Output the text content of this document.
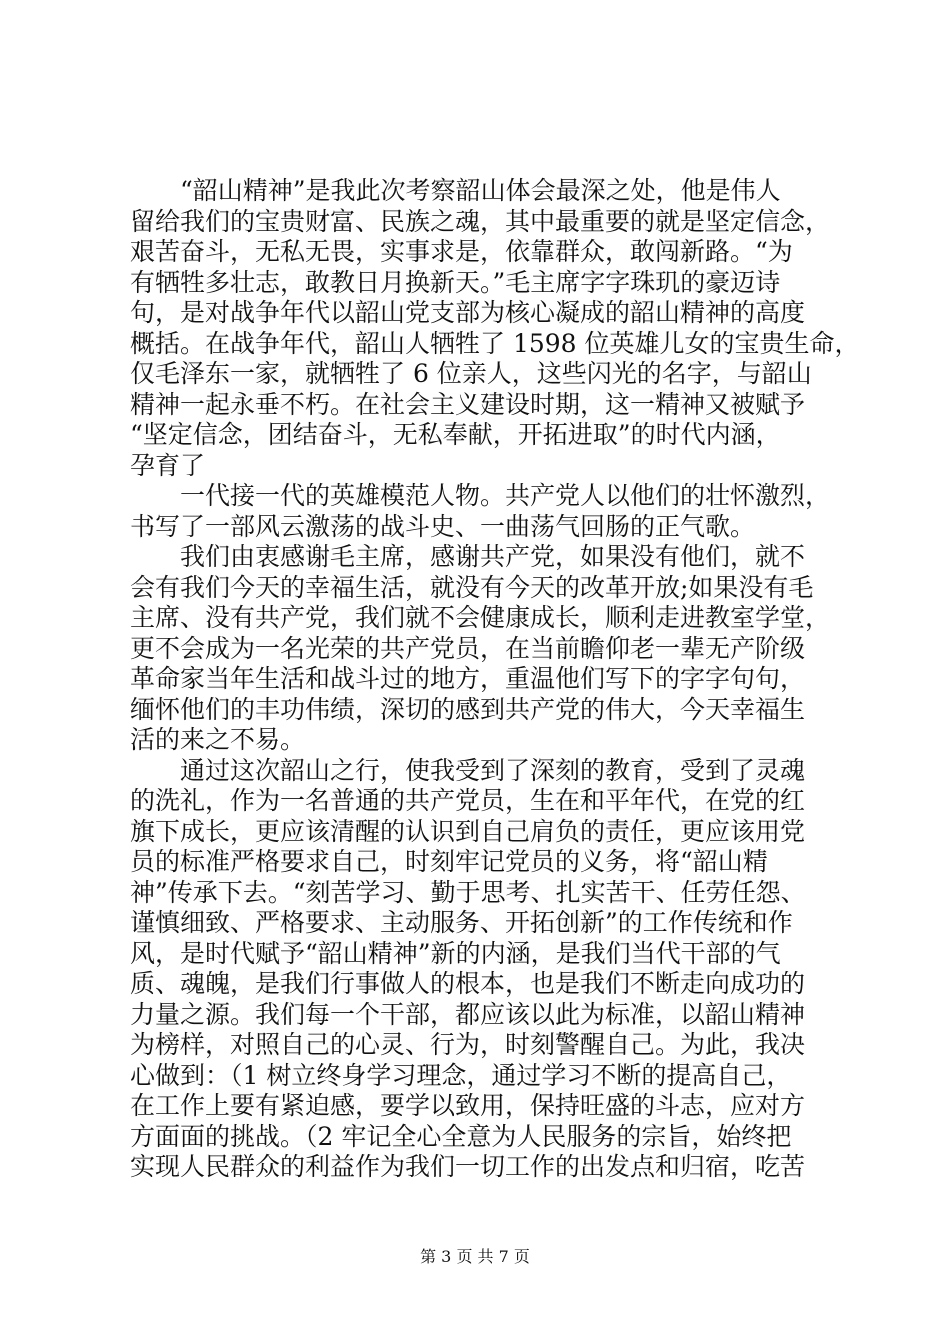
　　“韶山精神”是我此次考察韶山体会最深之处，他是伟人
留给我们的宝贵财富、民族之魂，其中最重要的就是坚定信念，
艰苦奋斗，无私无畏，实事求是，依靠群众，敢闯新路。“为
有牺牲多壮志，敢教日月换新天。”毛主席字字珠玑的豪迈诗
句，是对战争年代以韶山党支部为核心凝成的韶山精神的高度
概括。在战争年代，韶山人牺牲了 1598 位英雄儿女的宝贵生命，
仅毛泽东一家，就牺牲了 6 位亲人，这些闪光的名字，与韶山
精神一起永垂不朽。在社会主义建设时期，这一精神又被赋予
“坚定信念，团结奋斗，无私奉献，开拓进取”的时代内涵，
孕育了
　　一代接一代的英雄模范人物。共产党人以他们的壮怀激烈，
书写了一部风云激荡的战斗史、一曲荡气回肠的正气歌。
　　我们由衷感谢毛主席，感谢共产党，如果没有他们，就不
会有我们今天的幸福生活，就没有今天的改革开放;如果没有毛
主席、没有共产党，我们就不会健康成长，顺利走进教室学堂，
更不会成为一名光荣的共产党员，在当前瞻仰老一辈无产阶级
革命家当年生活和战斗过的地方，重温他们写下的字字句句，
缅怀他们的丰功伟绩，深切的感到共产党的伟大，今天幸福生
活的来之不易。
　　通过这次韶山之行，使我受到了深刻的教育，受到了灵魂
的洗礼，作为一名普通的共产党员，生在和平年代，在党的红
旗下成长，更应该清醒的认识到自己肩负的责任，更应该用党
员的标准严格要求自己，时刻牢记党员的义务，将“韶山精
神”传承下去。“刻苦学习、勤于思考、扎实苦干、任劳任怨、
谨慎细致、严格要求、主动服务、开拓创新”的工作传统和作
风，是时代赋予“韶山精神”新的内涵，是我们当代干部的气
质、魂魄，是我们行事做人的根本，也是我们不断走向成功的
力量之源。我们每一个干部，都应该以此为标准，以韶山精神
为榜样，对照自己的心灵、行为，时刻警醒自己。为此，我决
心做到：（1 树立终身学习理念，通过学习不断的提高自己，
在工作上要有紧迫感，要学以致用，保持旺盛的斗志，应对方
方面面的挑战。（2 牢记全心全意为人民服务的宗旨，始终把
实现人民群众的利益作为我们一切工作的出发点和归宿，吃苦
第 3 页 共 7 页
